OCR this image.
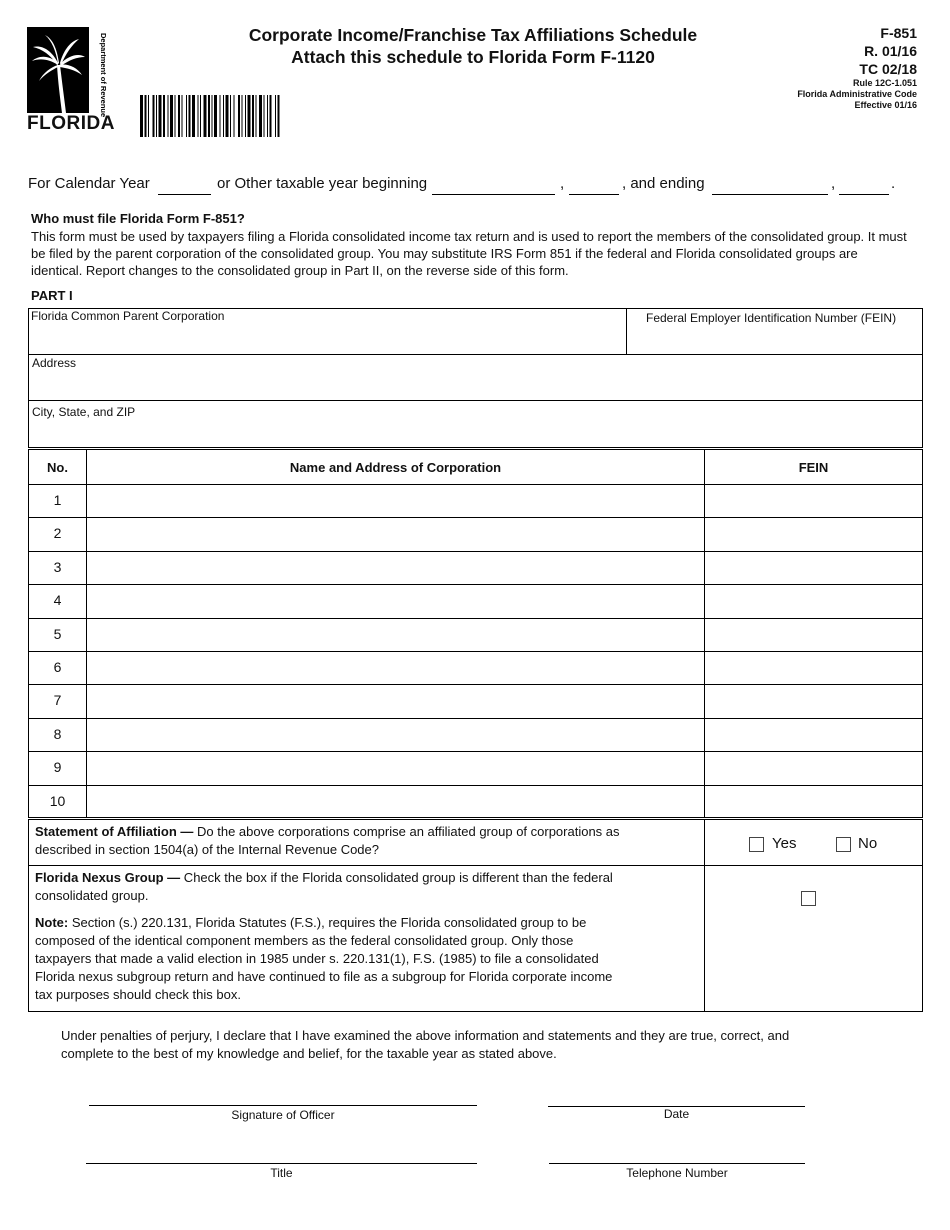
Department of Revenue
FLORIDA
Corporate Income/Franchise Tax Affiliations Schedule
Attach this schedule to Florida Form F-1120
F-851
R. 01/16
TC 02/18
Rule 12C-1.051
Florida Administrative Code
Effective 01/16
For Calendar Year	or Other taxable year beginning	,	, and ending	,	.
Who must file Florida Form F-851?
This form must be used by taxpayers filing a Florida consolidated income tax return and is used to report the members of the consolidated group. It must be filed by the parent corporation of the consolidated group. You may substitute IRS Form 851 if the federal and Florida consolidated groups are identical. Report changes to the consolidated group in Part II, on the reverse side of this form.
PART I
Florida Common Parent Corporation	Federal Employer Identification Number (FEIN)
Address
City, State, and ZIP
No.	Name and Address of Corporation	FEIN
1
2
3
4
5
6
7
8
9
10
Statement of Affiliation — Do the above corporations comprise an affiliated group of corporations as
described in section 1504(a) of the Internal Revenue Code?	Yes	No
Florida Nexus Group — Check the box if the Florida consolidated group is different than the federal
consolidated group.
Note: Section (s.) 220.131, Florida Statutes (F.S.), requires the Florida consolidated group to be
composed of the identical component members as the federal consolidated group. Only those
taxpayers that made a valid election in 1985 under s. 220.131(1), F.S. (1985) to file a consolidated
Florida nexus subgroup return and have continued to file as a subgroup for Florida corporate income
tax purposes should check this box.
Under penalties of perjury, I declare that I have examined the above information and statements and they are true, correct, and
complete to the best of my knowledge and belief, for the taxable year as stated above.
Signature of Officer	Date
Title	Telephone Number
